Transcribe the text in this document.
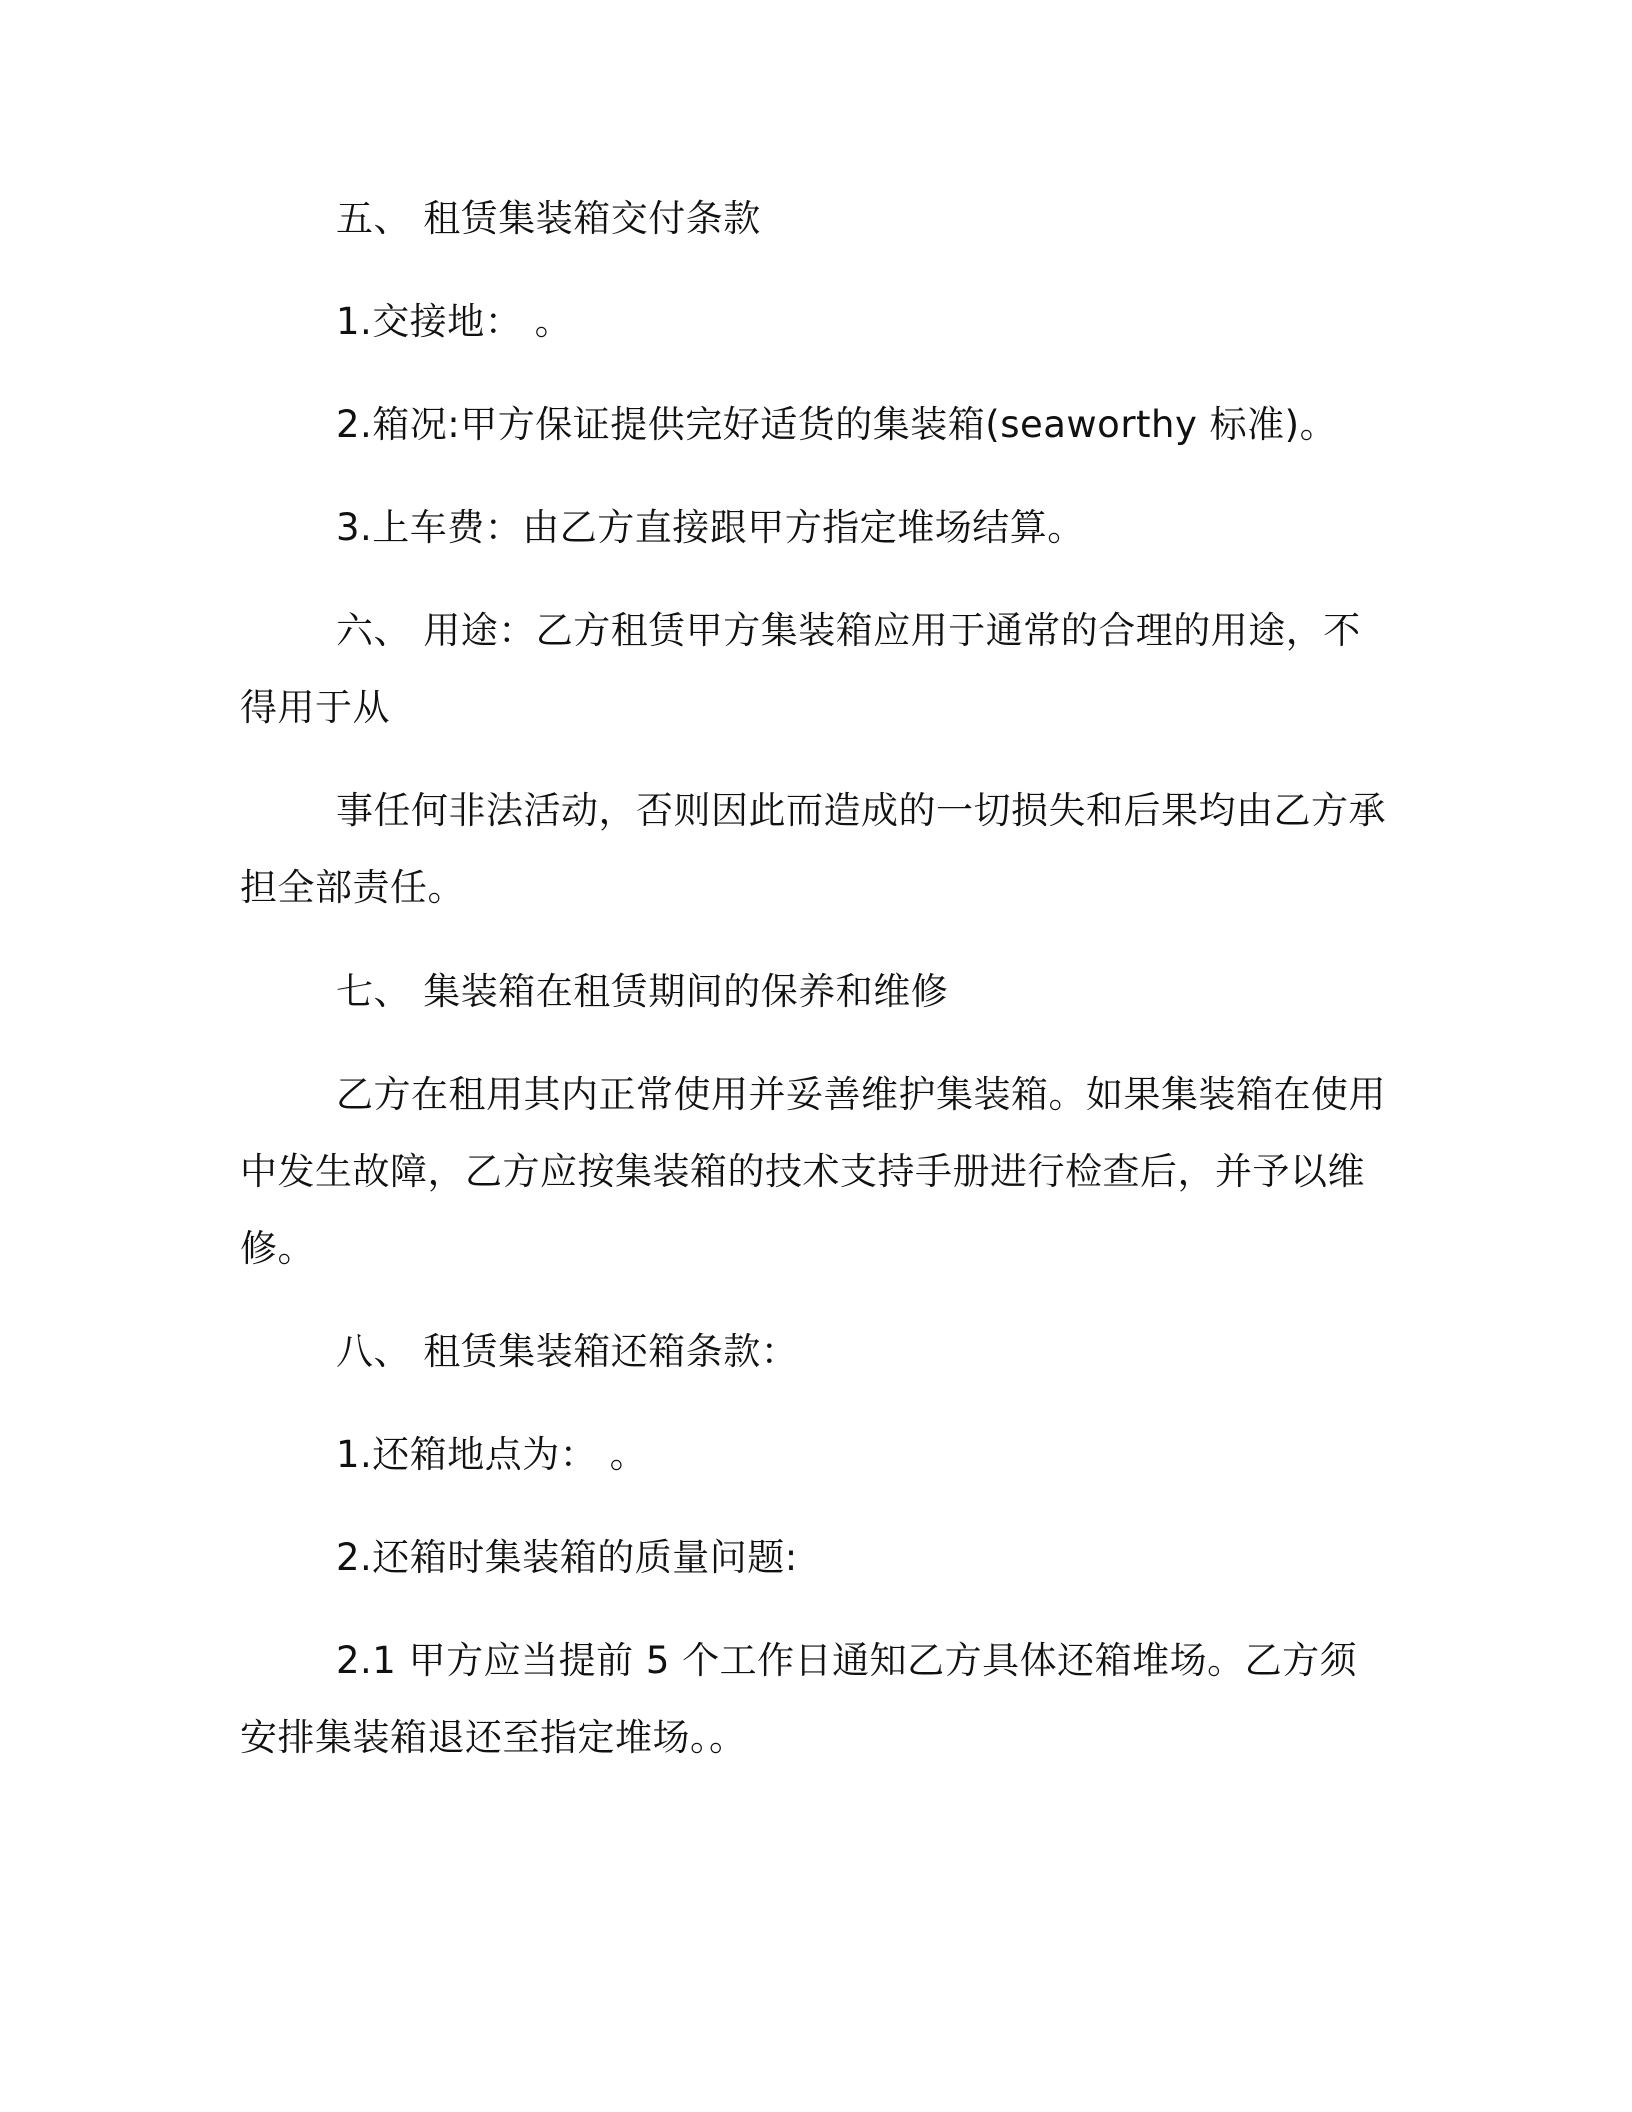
五、 租赁集装箱交付条款

1.交接地： 。

2.箱况:甲方保证提供完好适货的集装箱(seaworthy 标准)。

3.上车费：由乙方直接跟甲方指定堆场结算。

六、 用途：乙方租赁甲方集装箱应用于通常的合理的用途，不得用于从

事任何非法活动，否则因此而造成的一切损失和后果均由乙方承担全部责任。

七、 集装箱在租赁期间的保养和维修

乙方在租用其内正常使用并妥善维护集装箱。如果集装箱在使用中发生故障，乙方应按集装箱的技术支持手册进行检查后，并予以维修。

八、 租赁集装箱还箱条款：

1.还箱地点为： 。

2.还箱时集装箱的质量问题:

2.1 甲方应当提前 5 个工作日通知乙方具体还箱堆场。乙方须安排集装箱退还至指定堆场。。
